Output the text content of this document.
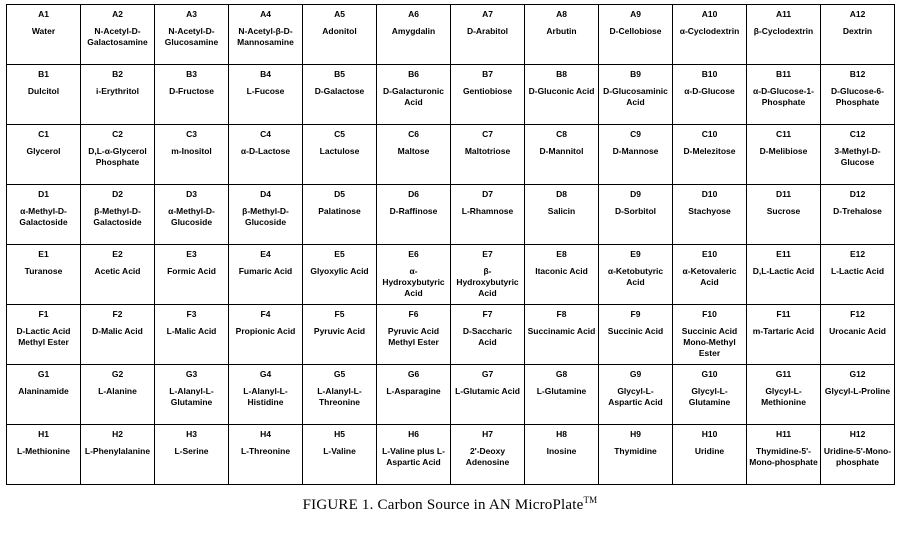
A1
Water

A2
N-Acetyl-D-Galactosamine

A3
N-Acetyl-D-Glucosamine

A4
N-Acetyl-β-D-Mannosamine

A5
Adonitol

A6
Amygdalin

A7
D-Arabitol

A8
Arbutin

A9
D-Cellobiose

A10
α-Cyclodextrin

A11
β-Cyclodextrin

A12
Dextrin

B1
Dulcitol

B2
i-Erythritol

B3
D-Fructose

B4
L-Fucose

B5
D-Galactose

B6
D-Galacturonic Acid

B7
Gentiobiose

B8
D-Gluconic Acid

B9
D-Glucosaminic Acid

B10
α-D-Glucose

B11
α-D-Glucose-1-Phosphate

B12
D-Glucose-6-Phosphate

C1
Glycerol

C2
D,L-α-Glycerol Phosphate

C3
m-Inositol

C4
α-D-Lactose

C5
Lactulose

C6
Maltose

C7
Maltotriose

C8
D-Mannitol

C9
D-Mannose

C10
D-Melezitose

C11
D-Melibiose

C12
3-Methyl-D-Glucose

D1
α-Methyl-D-Galactoside

D2
β-Methyl-D-Galactoside

D3
α-Methyl-D-Glucoside

D4
β-Methyl-D-Glucoside

D5
Palatinose

D6
D-Raffinose

D7
L-Rhamnose

D8
Salicin

D9
D-Sorbitol

D10
Stachyose

D11
Sucrose

D12
D-Trehalose

E1
Turanose

E2
Acetic Acid

E3
Formic Acid

E4
Fumaric Acid

E5
Glyoxylic Acid

E6
α-Hydroxybutyric Acid

E7
β-Hydroxybutyric Acid

E8
Itaconic Acid

E9
α-Ketobutyric Acid

E10
α-Ketovaleric Acid

E11
D,L-Lactic Acid

E12
L-Lactic Acid

F1
D-Lactic Acid Methyl Ester

F2
D-Malic Acid

F3
L-Malic Acid

F4
Propionic Acid

F5
Pyruvic Acid

F6
Pyruvic Acid Methyl Ester

F7
D-Saccharic Acid

F8
Succinamic Acid

F9
Succinic Acid

F10
Succinic Acid Mono-Methyl Ester

F11
m-Tartaric Acid

F12
Urocanic Acid

G1
Alaninamide

G2
L-Alanine

G3
L-Alanyl-L-Glutamine

G4
L-Alanyl-L-Histidine

G5
L-Alanyl-L-Threonine

G6
L-Asparagine

G7
L-Glutamic Acid

G8
L-Glutamine

G9
Glycyl-L-Aspartic Acid

G10
Glycyl-L-Glutamine

G11
Glycyl-L-Methionine

G12
Glycyl-L-Proline

H1
L-Methionine

H2
L-Phenylalanine

H3
L-Serine

H4
L-Threonine

H5
L-Valine

H6
L-Valine plus L-Aspartic Acid

H7
2'-Deoxy Adenosine

H8
Inosine

H9
Thymidine

H10
Uridine

H11
Thymidine-5'-Mono-phosphate

H12
Uridine-5'-Mono-phosphate
FIGURE 1. Carbon Source in AN MicroPlate™
